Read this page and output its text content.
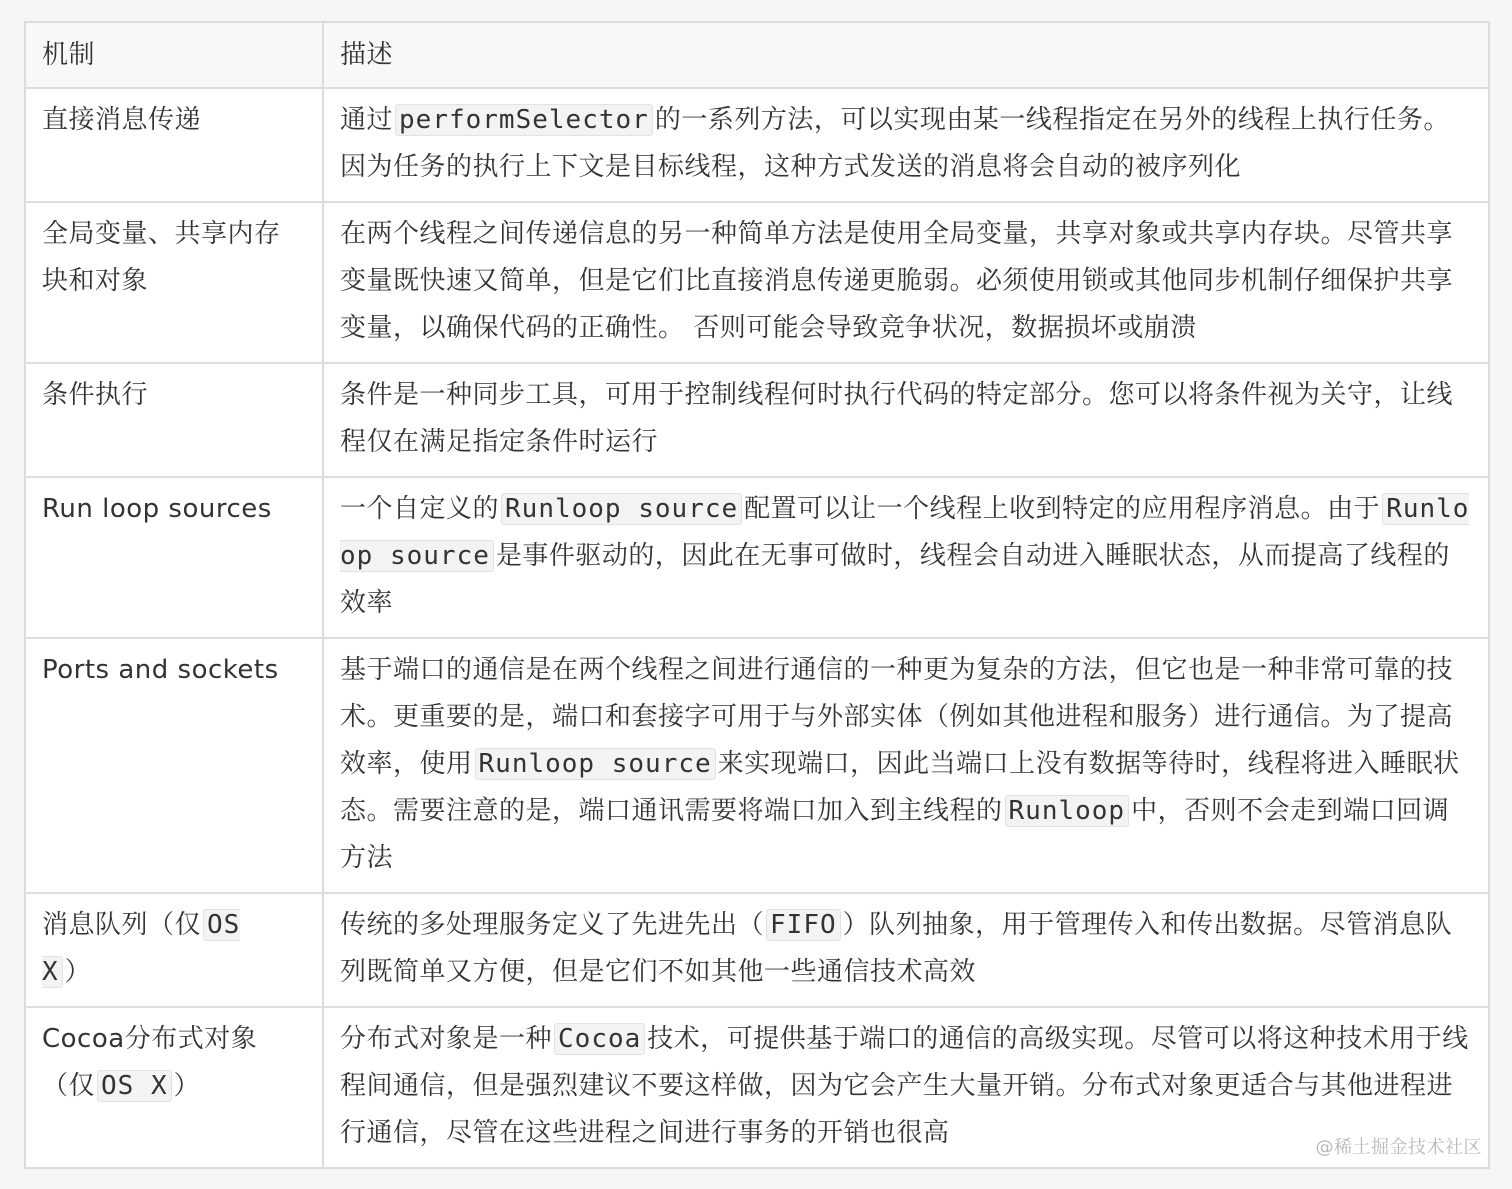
机制	描述
直接消息传递	通过 performSelector 的一系列方法，可以实现由某一线程指定在另外的线程上执行任务。因为任务的执行上下文是目标线程，这种方式发送的消息将会自动的被序列化
全局变量、共享内存块和对象	在两个线程之间传递信息的另一种简单方法是使用全局变量，共享对象或共享内存块。尽管共享变量既快速又简单，但是它们比直接消息传递更脆弱。必须使用锁或其他同步机制仔细保护共享变量，以确保代码的正确性。 否则可能会导致竞争状况，数据损坏或崩溃
条件执行	条件是一种同步工具，可用于控制线程何时执行代码的特定部分。您可以将条件视为关守，让线程仅在满足指定条件时运行
Run loop sources	一个自定义的 Runloop source 配置可以让一个线程上收到特定的应用程序消息。由于 Runloop source 是事件驱动的，因此在无事可做时，线程会自动进入睡眠状态，从而提高了线程的效率
Ports and sockets	基于端口的通信是在两个线程之间进行通信的一种更为复杂的方法，但它也是一种非常可靠的技术。更重要的是，端口和套接字可用于与外部实体（例如其他进程和服务）进行通信。为了提高效率，使用 Runloop source 来实现端口，因此当端口上没有数据等待时，线程将进入睡眠状态。需要注意的是，端口通讯需要将端口加入到主线程的 Runloop 中，否则不会走到端口回调方法
消息队列（仅 OS X ）	传统的多处理服务定义了先进先出（ FIFO ）队列抽象，用于管理传入和传出数据。尽管消息队列既简单又方便，但是它们不如其他一些通信技术高效
Cocoa分布式对象（仅 OS X ）	分布式对象是一种 Cocoa 技术，可提供基于端口的通信的高级实现。尽管可以将这种技术用于线程间通信，但是强烈建议不要这样做，因为它会产生大量开销。分布式对象更适合与其他进程进行通信，尽管在这些进程之间进行事务的开销也很高	@稀土掘金技术社区
